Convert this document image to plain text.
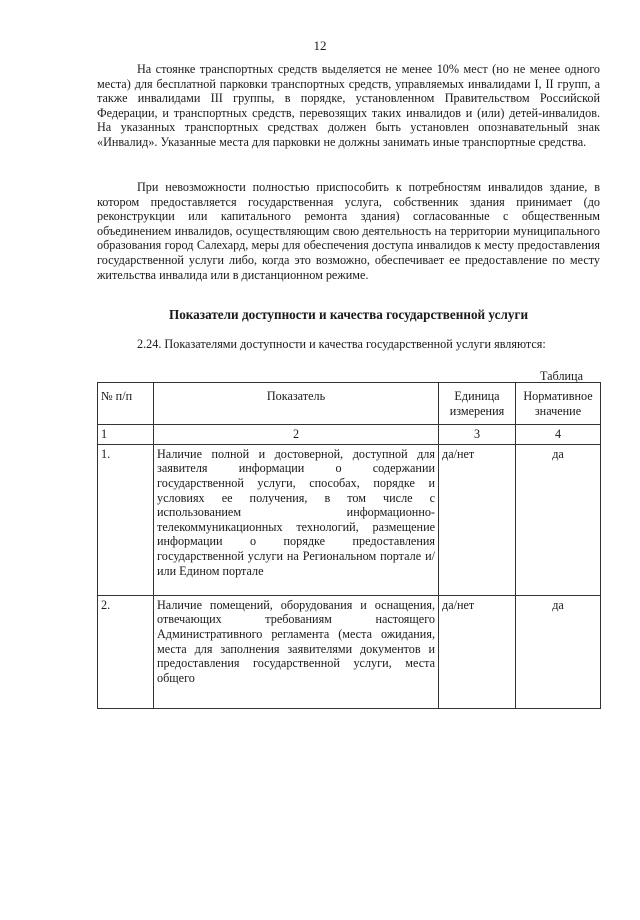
12

На стоянке транспортных средств выделяется не менее 10% мест (но не менее одного места) для бесплатной парковки транспортных средств, управляемых инвалидами I, II групп, а также инвалидами III группы, в порядке, установленном Правительством Российской Федерации, и транспортных средств, перевозящих таких инвалидов и (или) детей-инвалидов. На указанных транспортных средствах должен быть установлен опознавательный знак «Инвалид». Указанные места для парковки не должны занимать иные транспортные средства.

При невозможности полностью приспособить к потребностям инвалидов здание, в котором предоставляется государственная услуга, собственник здания принимает (до реконструкции или капитального ремонта здания) согласованные с общественным объединением инвалидов, осуществляющим свою деятельность на территории муниципального образования город Салехард, меры для обеспечения доступа инвалидов к месту предоставления государственной услуги либо, когда это возможно, обеспечивает ее предоставление по месту жительства инвалида или в дистанционном режиме.

Показатели доступности и качества государственной услуги

2.24. Показателями доступности и качества государственной услуги являются:

Таблица
№ п/п	Показатель	Единица измерения	Нормативное значение
1	2	3	4
1.	Наличие полной и достоверной, доступной для заявителя информации о содержании государственной услуги, способах, порядке и условиях ее получения, в том числе с использованием информационно-телекоммуникационных технологий, размещение информации о порядке предоставления государственной услуги на Региональном портале и/или Едином портале	да/нет	да
2.	Наличие помещений, оборудования и оснащения, отвечающих требованиям настоящего Административного регламента (места ожидания, места для заполнения заявителями документов и предоставления государственной услуги, места общего	да/нет	да
